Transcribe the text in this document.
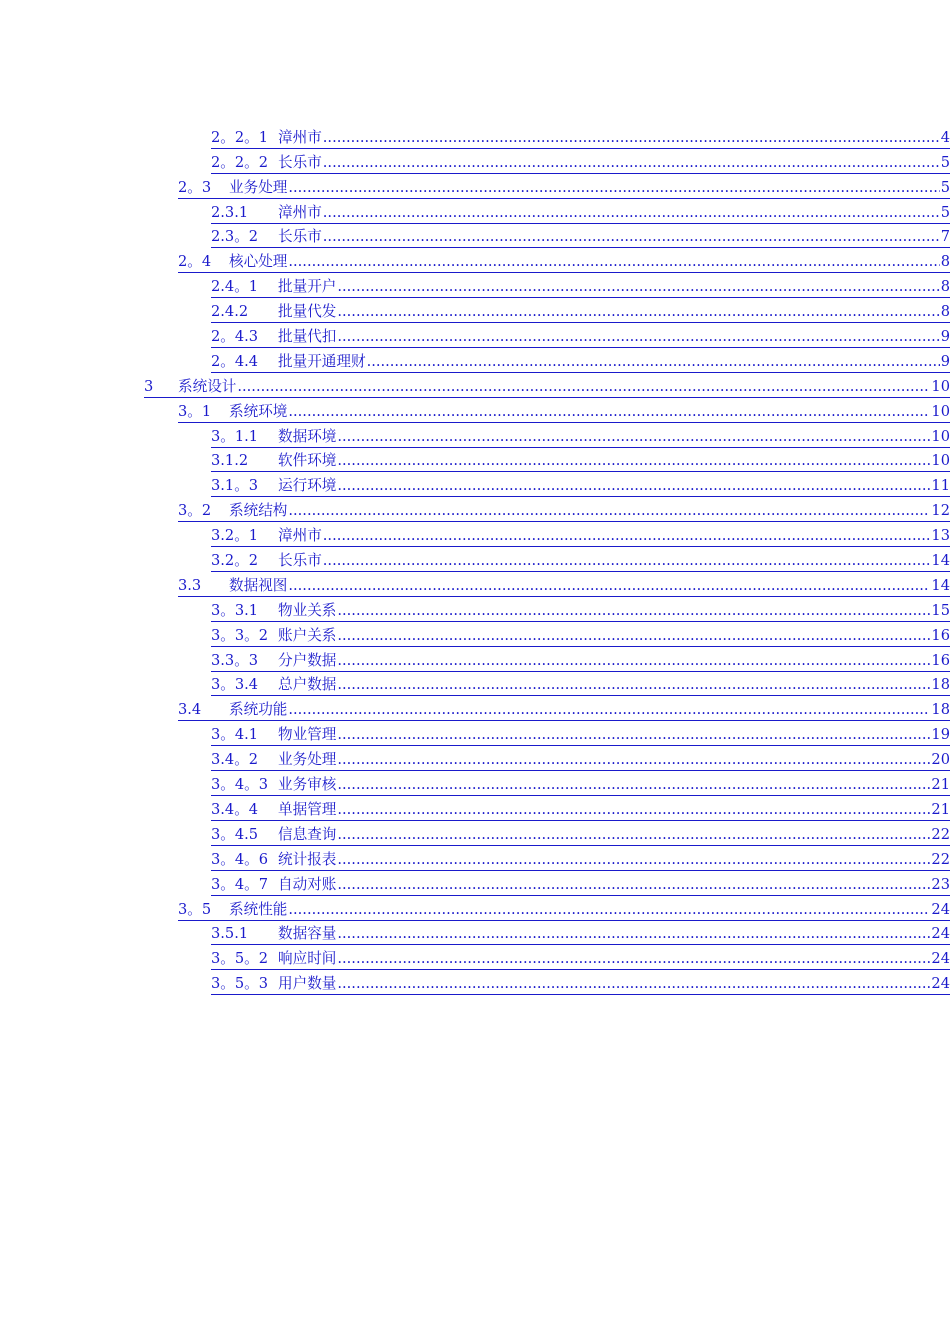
2。2。1 漳州市 .....	4
2。2。2 长乐市 .....	5
2。3	业务处理 .....	5
2.3.1	漳州市 .....	5
2.3。2	长乐市 .....	7
2。4	核心处理 .....	8
2.4。1	批量开户 .....	8
2.4.2	批量代发 .....	8
2。4.3	批量代扣 .....	9
2。4.4	批量开通理财 .....	9
3	系统设计 .....	10
3。1	系统环境 .....	10
3。1.1	数据环境 .....	10
3.1.2	软件环境 .....	10
3.1。3	运行环境 .....	11
3。2	系统结构 .....	12
3.2。1	漳州市 .....	13
3.2。2	长乐市 .....	14
3.3	数据视图 .....	14
3。3.1	物业关系 .....	15
3。3。2 账户关系 .....	16
3.3。3	分户数据 .....	16
3。3.4	总户数据 .....	18
3.4	系统功能 .....	18
3。4.1	物业管理 .....	19
3.4。2	业务处理 .....	20
3。4。3 业务审核 .....	21
3.4。4	单据管理 .....	21
3。4.5	信息查询 .....	22
3。4。6 统计报表 .....	22
3。4。7 自动对账 .....	23
3。5	系统性能 .....	24
3.5.1	数据容量 .....	24
3。5。2 响应时间 .....	24
3。5。3 用户数量 .....	24
